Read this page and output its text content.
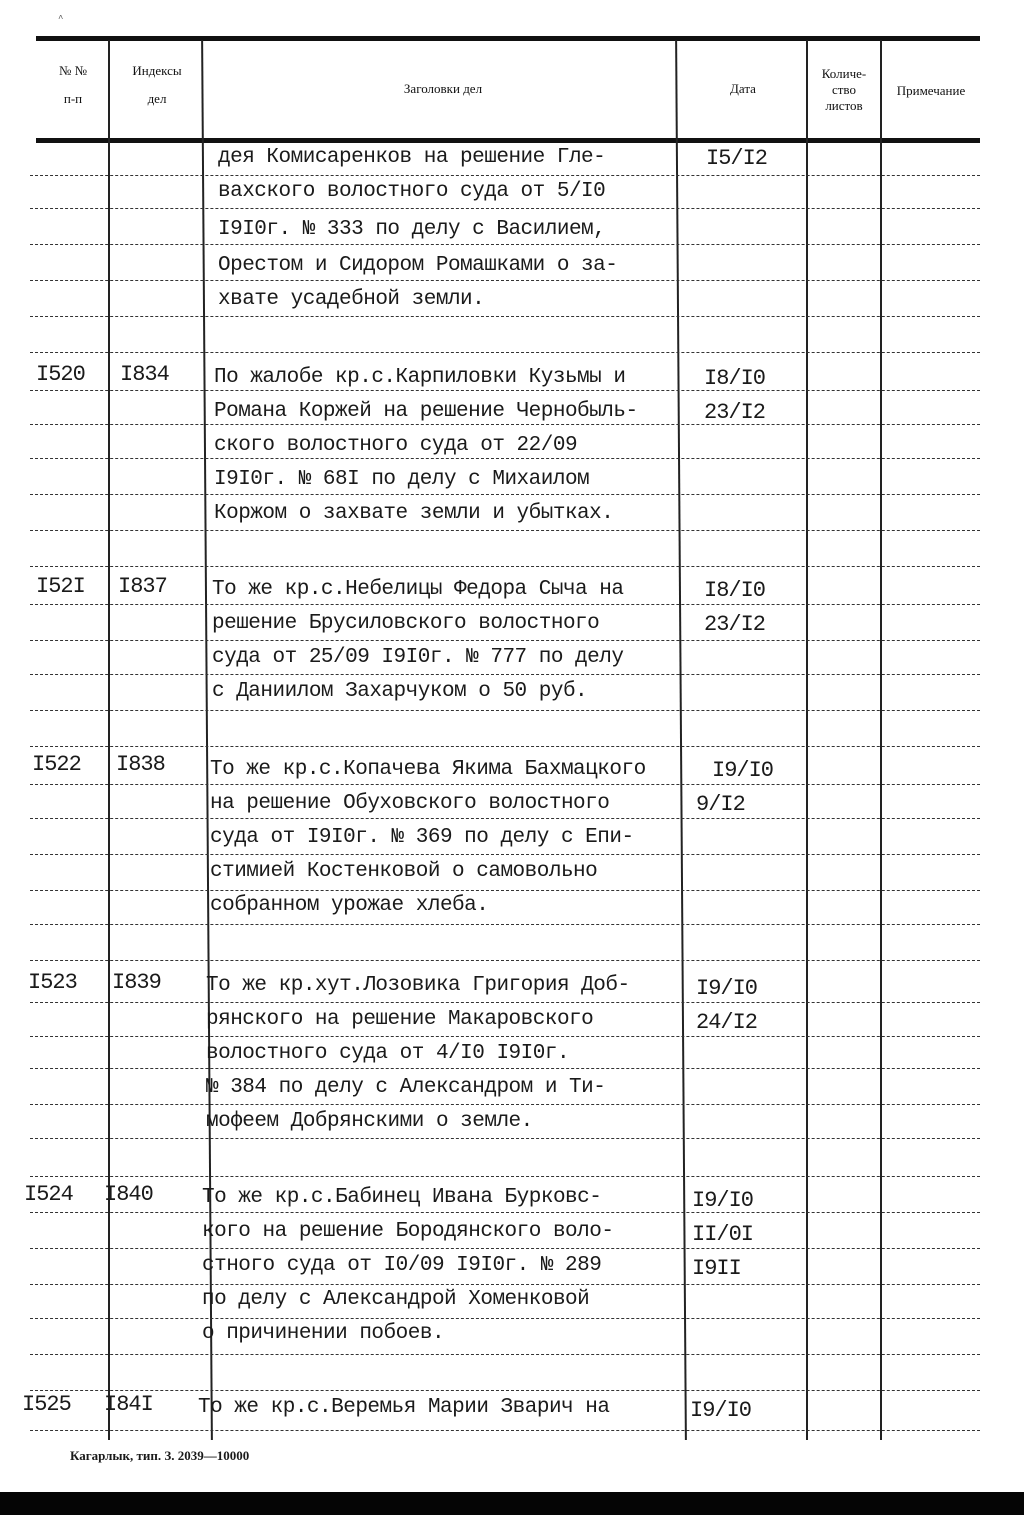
^
№ №
п-п
Индексы
дел
Заголовки дел	Дата
Количе-
ство
листов
Примечание
дея Комисаренков на решение Гле-
вахского волостного суда от 5/I0
I9I0г. № 333 по делу с Василием,
Орестом и Сидором Ромашками о за-
хвате усадебной земли.
I5/I2
I520 I834 По жалобе кр.с.Карпиловки Кузьмы и
Романа Коржей на решение Чернобыль-
ского волостного суда от 22/09
I9I0г. № 68I по делу с Михаилом
Коржом о захвате земли и убытках.
I8/I0
23/I2
I52I I837 То же кр.с.Небелицы Федора Сыча на
решение Брусиловского волостного
суда от 25/09 I9I0г. № 777 по делу
с Даниилом Захарчуком о 50 руб.
I8/I0
23/I2
I522 I838 То же кр.с.Копачева Якима Бахмацкого
на решение Обуховского волостного
суда от I9I0г. № 369 по делу с Епи-
стимией Костенковой о самовольно
собранном урожае хлеба.
I9/I0
9/I2
I523 I839 То же кр.хут.Лозовика Григория Доб-
рянского на решение Макаровского
волостного суда от 4/I0 I9I0г.
№ 384 по делу с Александром и Ти-
мофеем Добрянскими о земле.
I9/I0
24/I2
I524 I840 То же кр.с.Бабинец Ивана Бурковс-
кого на решение Бородянского воло-
стного суда от I0/09 I9I0г. № 289
по делу с Александрой Хоменковой
о причинении побоев.
I9/I0
II/0I
I9II
I525 I84I То же кр.с.Веремья Марии Зварич на	I9/I0
Кагарлык, тип. З. 2039—10000
